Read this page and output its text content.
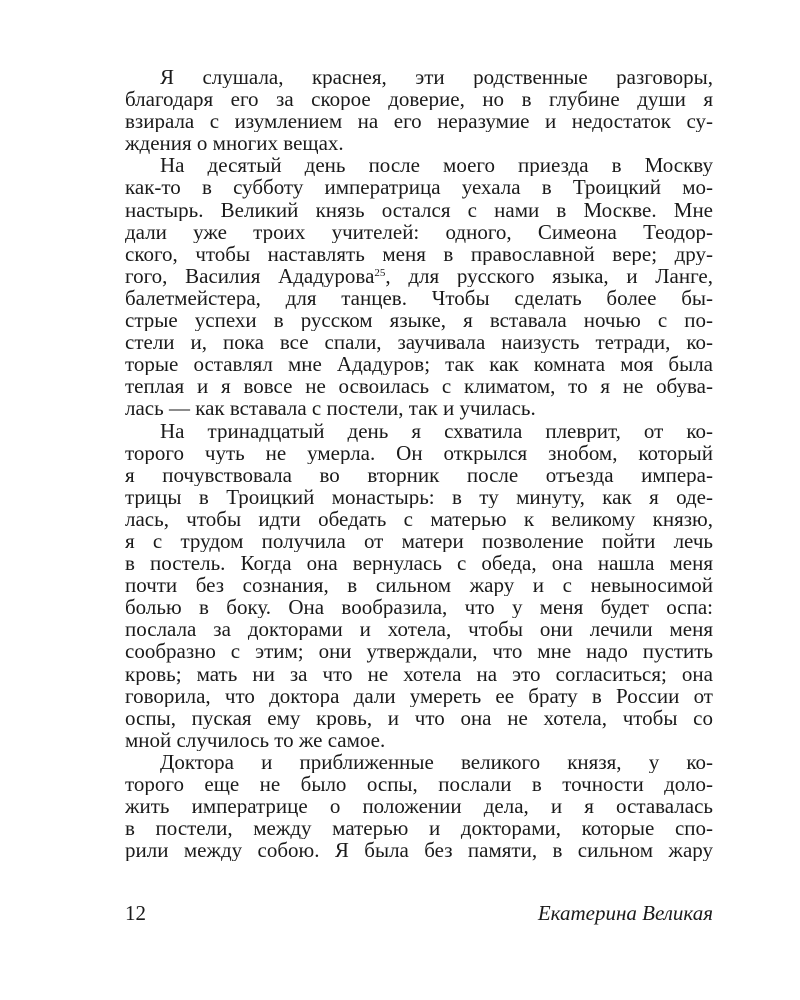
Я слушала, краснея, эти родственные разговоры,
благодаря его за скорое доверие, но в глубине души я
взирала с изумлением на его неразумие и недостаток су-
ждения о многих вещах.
На десятый день после моего приезда в Москву
как-то в субботу императрица уехала в Троицкий мо-
настырь. Великий князь остался с нами в Москве. Мне
дали уже троих учителей: одного, Симеона Теодор-
ского, чтобы наставлять меня в православной вере; дру-
гого, Василия Ададурова$^{25}$, для русского языка, и Ланге,
балетмейстера, для танцев. Чтобы сделать более бы-
стрые успехи в русском языке, я вставала ночью с по-
стели и, пока все спали, заучивала наизусть тетради, ко-
торые оставлял мне Ададуров; так как комната моя была
теплая и я вовсе не освоилась с климатом, то я не обува-
лась — как вставала с постели, так и училась.
На тринадцатый день я схватила плеврит, от ко-
торого чуть не умерла. Он открылся знобом, который
я почувствовала во вторник после отъезда импера-
трицы в Троицкий монастырь: в ту минуту, как я оде-
лась, чтобы идти обедать с матерью к великому князю,
я с трудом получила от матери позволение пойти лечь
в постель. Когда она вернулась с обеда, она нашла меня
почти без сознания, в сильном жару и с невыносимой
болью в боку. Она вообразила, что у меня будет оспа:
послала за докторами и хотела, чтобы они лечили меня
сообразно с этим; они утверждали, что мне надо пустить
кровь; мать ни за что не хотела на это согласиться; она
говорила, что доктора дали умереть ее брату в России от
оспы, пуская ему кровь, и что она не хотела, чтобы со
мной случилось то же самое.
Доктора и приближенные великого князя, у ко-
торого еще не было оспы, послали в точности доло-
жить императрице о положении дела, и я оставалась
в постели, между матерью и докторами, которые спо-
рили между собою. Я была без памяти, в сильном жару
12	Екатерина Великая
